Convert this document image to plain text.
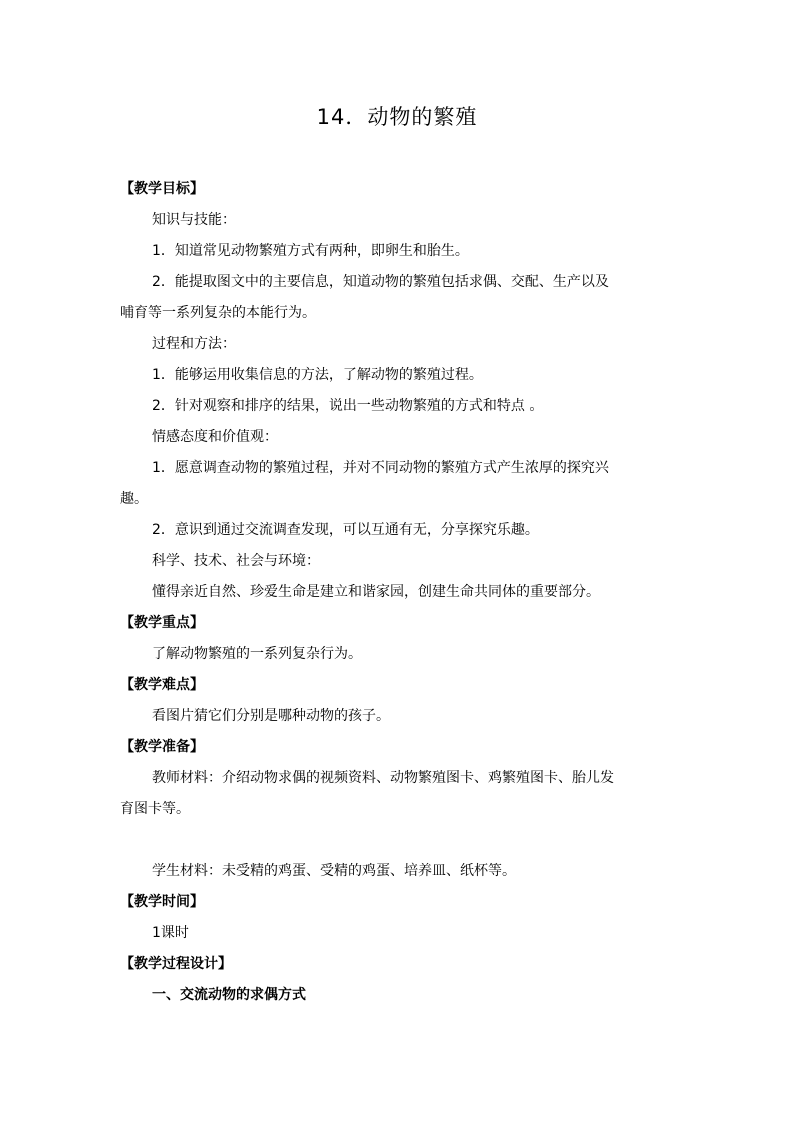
14．动物的繁殖
【教学目标】
知识与技能：
1．知道常见动物繁殖方式有两种，即卵生和胎生。
2．能提取图文中的主要信息，知道动物的繁殖包括求偶、交配、生产以及
哺育等一系列复杂的本能行为。
过程和方法：
1．能够运用收集信息的方法，了解动物的繁殖过程。
2．针对观察和排序的结果，说出一些动物繁殖的方式和特点 。
情感态度和价值观：
1．愿意调查动物的繁殖过程，并对不同动物的繁殖方式产生浓厚的探究兴
趣。
2．意识到通过交流调查发现，可以互通有无，分享探究乐趣。
科学、技术、社会与环境：
懂得亲近自然、珍爱生命是建立和谐家园，创建生命共同体的重要部分。
【教学重点】
了解动物繁殖的一系列复杂行为。
【教学难点】
看图片猜它们分别是哪种动物的孩子。
【教学准备】
教师材料：介绍动物求偶的视频资料、动物繁殖图卡、鸡繁殖图卡、胎儿发
育图卡等。
学生材料：未受精的鸡蛋、受精的鸡蛋、培养皿、纸杯等。
【教学时间】
1课时
【教学过程设计】
一、交流动物的求偶方式
